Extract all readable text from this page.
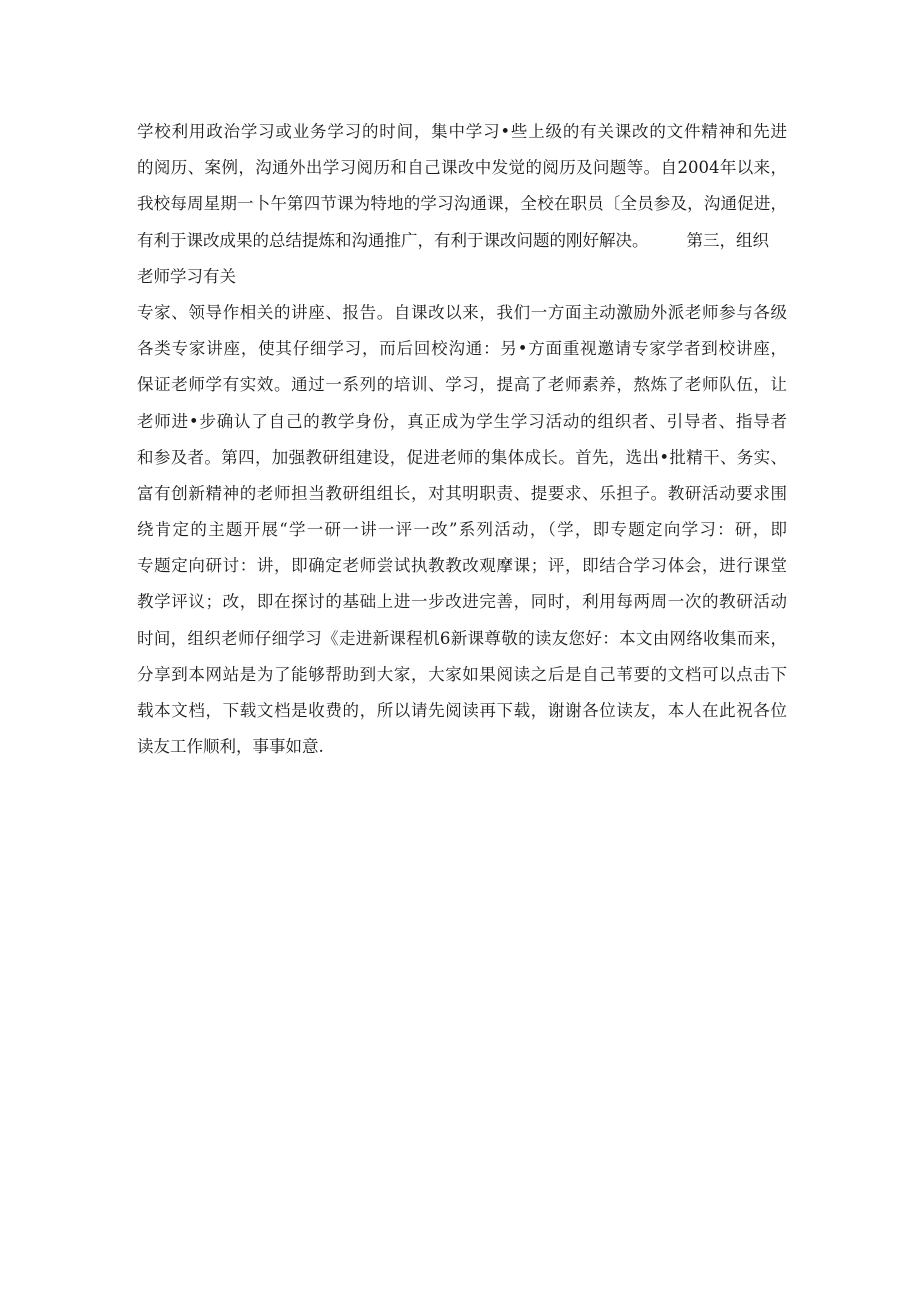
学校利用政治学习或业务学习的时间，集中学习•些上级的有关课改的文件精神和先进
的阅历、案例，沟通外出学习阅历和自己课改中发觉的阅历及问题等。自2004年以来，
我校每周星期一卜午第四节课为特地的学习沟通课，全校在职员〔全员参及，沟通促进，
有利于课改成果的总结提炼和沟通推广，有利于课改问题的刚好解决。 第三，组织
老师学习有关
专家、领导作相关的讲座、报告。自课改以来，我们一方面主动激励外派老师参与各级
各类专家讲座，使其仔细学习，而后回校沟通：另•方面重视邀请专家学者到校讲座，
保证老师学有实效。通过一系列的培训、学习，提高了老师素养，熬炼了老师队伍，让
老师进•步确认了自己的教学身份，真正成为学生学习活动的组织者、引导者、指导者
和参及者。第四，加强教研组建设，促进老师的集体成长。首先，选出•批精干、务实、
富有创新精神的老师担当教研组组长，对其明职责、提要求、乐担子。教研活动要求围
绕肯定的主题开展“学一研一讲一评一改”系列活动，（学，即专题定向学习：研，即
专题定向研讨：讲，即确定老师尝试执教教改观摩课；评，即结合学习体会，进行课堂
教学评议；改，即在探讨的基础上进一步改进完善，同时，利用每两周一次的教研活动
时间，组织老师仔细学习《走进新课程机6新课尊敬的读友您好：本文由网络收集而来，
分享到本网站是为了能够帮助到大家，大家如果阅读之后是自己苇要的文档可以点击下
载本文档，下载文档是收费的，所以请先阅读再下载，谢谢各位读友，本人在此祝各位
读友工作顺利，事事如意.
